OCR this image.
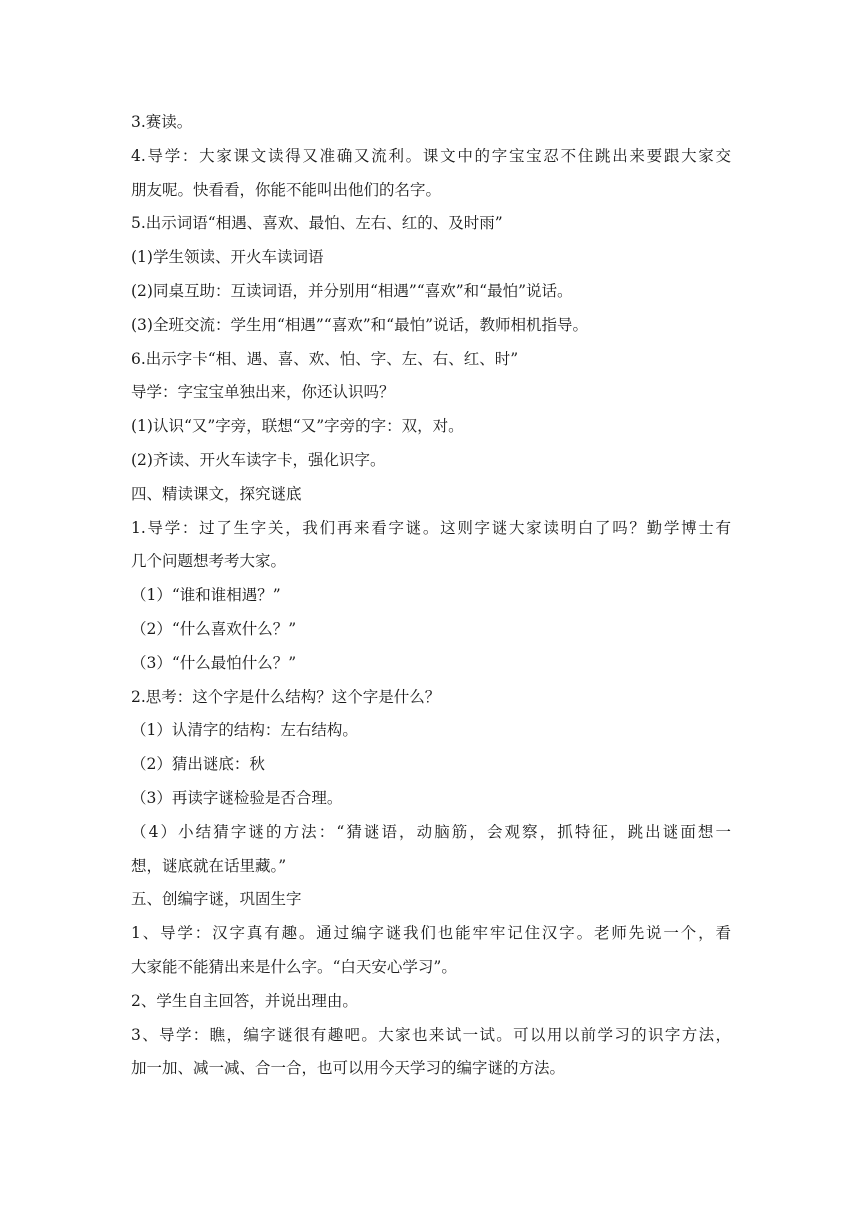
3.赛读。
4.导学：大家课文读得又准确又流利。课文中的字宝宝忍不住跳出来要跟大家交
朋友呢。快看看，你能不能叫出他们的名字。
5.出示词语“相遇、喜欢、最怕、左右、红的、及时雨”
(1)学生领读、开火车读词语
(2)同桌互助：互读词语，并分别用“相遇”“喜欢”和“最怕”说话。
(3)全班交流：学生用“相遇”“喜欢”和“最怕”说话，教师相机指导。
6.出示字卡“相、遇、喜、欢、怕、字、左、右、红、时”
导学：字宝宝单独出来，你还认识吗？
(1)认识“又”字旁，联想“又”字旁的字：双，对。
(2)齐读、开火车读字卡，强化识字。
四、精读课文，探究谜底
1.导学：过了生字关，我们再来看字谜。这则字谜大家读明白了吗？勤学博士有
几个问题想考考大家。
（1）“谁和谁相遇？”
（2）“什么喜欢什么？”
（3）“什么最怕什么？”
2.思考：这个字是什么结构？这个字是什么？
（1）认清字的结构：左右结构。
（2）猜出谜底：秋
（3）再读字谜检验是否合理。
（4）小结猜字谜的方法：“猜谜语，动脑筋，会观察，抓特征，跳出谜面想一
想，谜底就在话里藏。”
五、创编字谜，巩固生字
1、导学：汉字真有趣。通过编字谜我们也能牢牢记住汉字。老师先说一个，看
大家能不能猜出来是什么字。“白天安心学习”。
2、学生自主回答，并说出理由。
3、导学：瞧，编字谜很有趣吧。大家也来试一试。可以用以前学习的识字方法，
加一加、减一减、合一合，也可以用今天学习的编字谜的方法。
